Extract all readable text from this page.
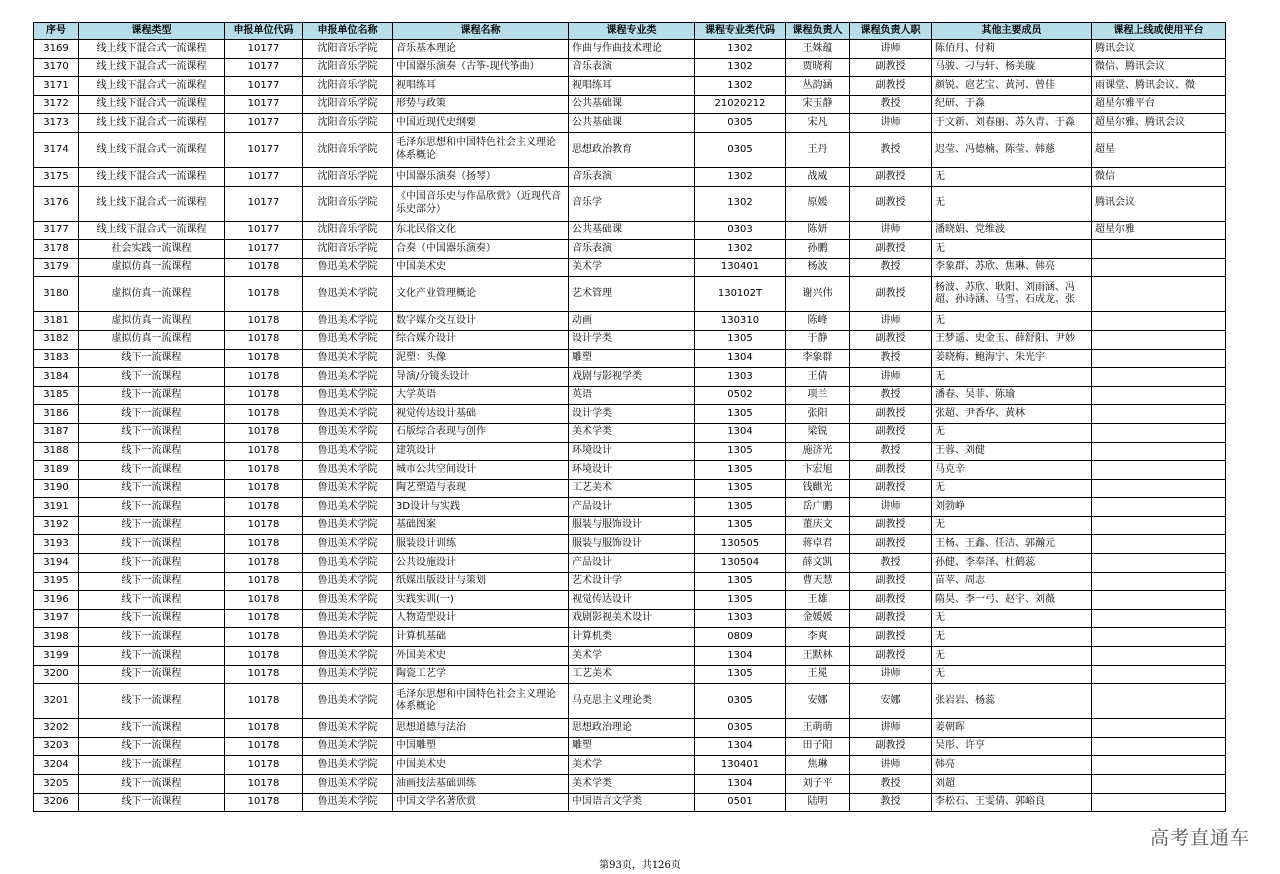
序号	课程类型	申报单位代码	申报单位名称	课程名称	课程专业类	课程专业类代码	课程负责人	课程负责人职	其他主要成员	课程上线或使用平台
3169	线上线下混合式一流课程	10177	沈阳音乐学院	音乐基本理论	作曲与作曲技术理论	1302	王姝蕴	讲师	陈佰月、付莉	腾讯会议
3170	线上线下混合式一流课程	10177	沈阳音乐学院	中国器乐演奏（古筝-现代筝曲）	音乐表演	1302	贾晓莉	副教授	马骏、刁与轩、杨美璇	微信、腾讯会议
3171	线上线下混合式一流课程	10177	沈阳音乐学院	视唱练耳	视唱练耳	1302	丛韵涵	副教授	颜锐、扈艺宝、黄河、曾佳	雨课堂、腾讯会议、微
3172	线上线下混合式一流课程	10177	沈阳音乐学院	形势与政策	公共基础课	21020212	宋玉静	教授	纪研、于淼	超星尔雅平台
3173	线上线下混合式一流课程	10177	沈阳音乐学院	中国近现代史纲要	公共基础课	0305	宋凡	讲师	于文新、刘春丽、苏久青、于淼	超星尔雅、腾讯会议
3174	线上线下混合式一流课程	10177	沈阳音乐学院	毛泽东思想和中国特色社会主义理论体系概论	思想政治教育	0305	王丹	教授	迟莹、冯德楠、陈莹、韩慈	超星
3175	线上线下混合式一流课程	10177	沈阳音乐学院	中国器乐演奏（扬琴）	音乐表演	1302	战威	副教授	无	微信
3176	线上线下混合式一流课程	10177	沈阳音乐学院	《中国音乐史与作品欣赏》（近现代音乐史部分）	音乐学	1302	原媛	副教授	无	腾讯会议
3177	线上线下混合式一流课程	10177	沈阳音乐学院	东北民俗文化	公共基础课	0303	陈妍	讲师	潘晓娟、党维波	超星尔雅
3178	社会实践一流课程	10177	沈阳音乐学院	合奏（中国器乐演奏）	音乐表演	1302	孙鹏	副教授	无	
3179	虚拟仿真一流课程	10178	鲁迅美术学院	中国美术史	美术学	130401	杨波	教授	李象群、苏欣、焦琳、韩亮	
3180	虚拟仿真一流课程	10178	鲁迅美术学院	文化产业管理概论	艺术管理	130102T	谢兴伟	副教授	杨波、苏欣、耿阳、刘雨涵、冯超、孙诗涵、马雪、石成龙、张	
3181	虚拟仿真一流课程	10178	鲁迅美术学院	数字媒介交互设计	动画	130310	陈峰	讲师	无	
3182	虚拟仿真一流课程	10178	鲁迅美术学院	综合媒介设计	设计学类	1305	于静	副教授	王梦遥、史金玉、薛舒阳、尹妙	
3183	线下一流课程	10178	鲁迅美术学院	泥塑：头像	雕塑	1304	李象群	教授	姜晓梅、鲍海宁、朱光宇	
3184	线下一流课程	10178	鲁迅美术学院	导演/分镜头设计	戏剧与影视学类	1303	王倩	讲师	无	
3185	线下一流课程	10178	鲁迅美术学院	大学英语	英语	0502	项兰	教授	潘春、吴菲、陈瑜	
3186	线下一流课程	10178	鲁迅美术学院	视觉传达设计基础	设计学类	1305	张阳	副教授	张超、尹香华、黄林	
3187	线下一流课程	10178	鲁迅美术学院	石版综合表现与创作	美术学类	1304	梁锐	副教授	无	
3188	线下一流课程	10178	鲁迅美术学院	建筑设计	环境设计	1305	施济光	教授	王蓉、刘健	
3189	线下一流课程	10178	鲁迅美术学院	城市公共空间设计	环境设计	1305	卞宏旭	副教授	马克辛	
3190	线下一流课程	10178	鲁迅美术学院	陶艺塑造与表现	工艺美术	1305	钱麒光	副教授	无	
3191	线下一流课程	10178	鲁迅美术学院	3D设计与实践	产品设计	1305	岳广鹏	讲师	刘勃峥	
3192	线下一流课程	10178	鲁迅美术学院	基础图案	服装与服饰设计	1305	董庆文	副教授	无	
3193	线下一流课程	10178	鲁迅美术学院	服装设计训练	服装与服饰设计	130505	蒋卓君	副教授	王杨、王鑫、任洁、郭瀚元	
3194	线下一流课程	10178	鲁迅美术学院	公共设施设计	产品设计	130504	薛文凯	教授	孙健、李奉泽、杜鹤蕊	
3195	线下一流课程	10178	鲁迅美术学院	纸媒出版设计与策划	艺术设计学	1305	曹天慧	副教授	苗苹、周志	
3196	线下一流课程	10178	鲁迅美术学院	实践实训(一)	视觉传达设计	1305	王雄	副教授	隋昊、李一弓、赵宇、刘薇	
3197	线下一流课程	10178	鲁迅美术学院	人物造型设计	戏剧影视美术设计	1303	金媛媛	副教授	无	
3198	线下一流课程	10178	鲁迅美术学院	计算机基础	计算机类	0809	李爽	副教授	无	
3199	线下一流课程	10178	鲁迅美术学院	外国美术史	美术学	1304	王默林	副教授	无	
3200	线下一流课程	10178	鲁迅美术学院	陶瓷工艺学	工艺美术	1305	王冕	讲师	无	
3201	线下一流课程	10178	鲁迅美术学院	毛泽东思想和中国特色社会主义理论体系概论	马克思主义理论类	0305	安娜	安娜	张岩岩、杨蕊	
3202	线下一流课程	10178	鲁迅美术学院	思想道德与法治	思想政治理论	0305	王萌萌	讲师	姜朝晖	
3203	线下一流课程	10178	鲁迅美术学院	中国雕塑	雕塑	1304	田子阳	副教授	吴彤、许亨	
3204	线下一流课程	10178	鲁迅美术学院	中国美术史	美术学	130401	焦琳	讲师	韩亮	
3205	线下一流课程	10178	鲁迅美术学院	油画技法基础训练	美术学类	1304	刘子平	教授	刘超	
3206	线下一流课程	10178	鲁迅美术学院	中国文学名著欣赏	中国语言文学类	0501	陆明	教授	李松石、王雯倩、郭峪良	
第93页，共126页
高考直通车
